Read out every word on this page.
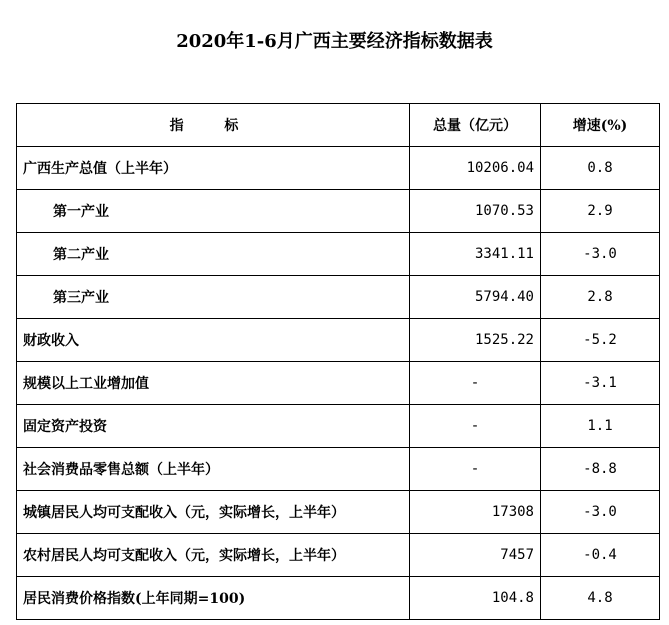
2020年1-6月广西主要经济指标数据表
指 标	总量（亿元）	增速(%)
广西生产总值（上半年）	10206.04	0.8
第一产业	1070.53	2.9
第二产业	3341.11	-3.0
第三产业	5794.40	2.8
财政收入	1525.22	-5.2
规模以上工业增加值	-	-3.1
固定资产投资	-	1.1
社会消费品零售总额（上半年）	-	-8.8
城镇居民人均可支配收入（元，实际增长，上半年）	17308	-3.0
农村居民人均可支配收入（元，实际增长，上半年）	7457	-0.4
居民消费价格指数(上年同期=100)	104.8	4.8
